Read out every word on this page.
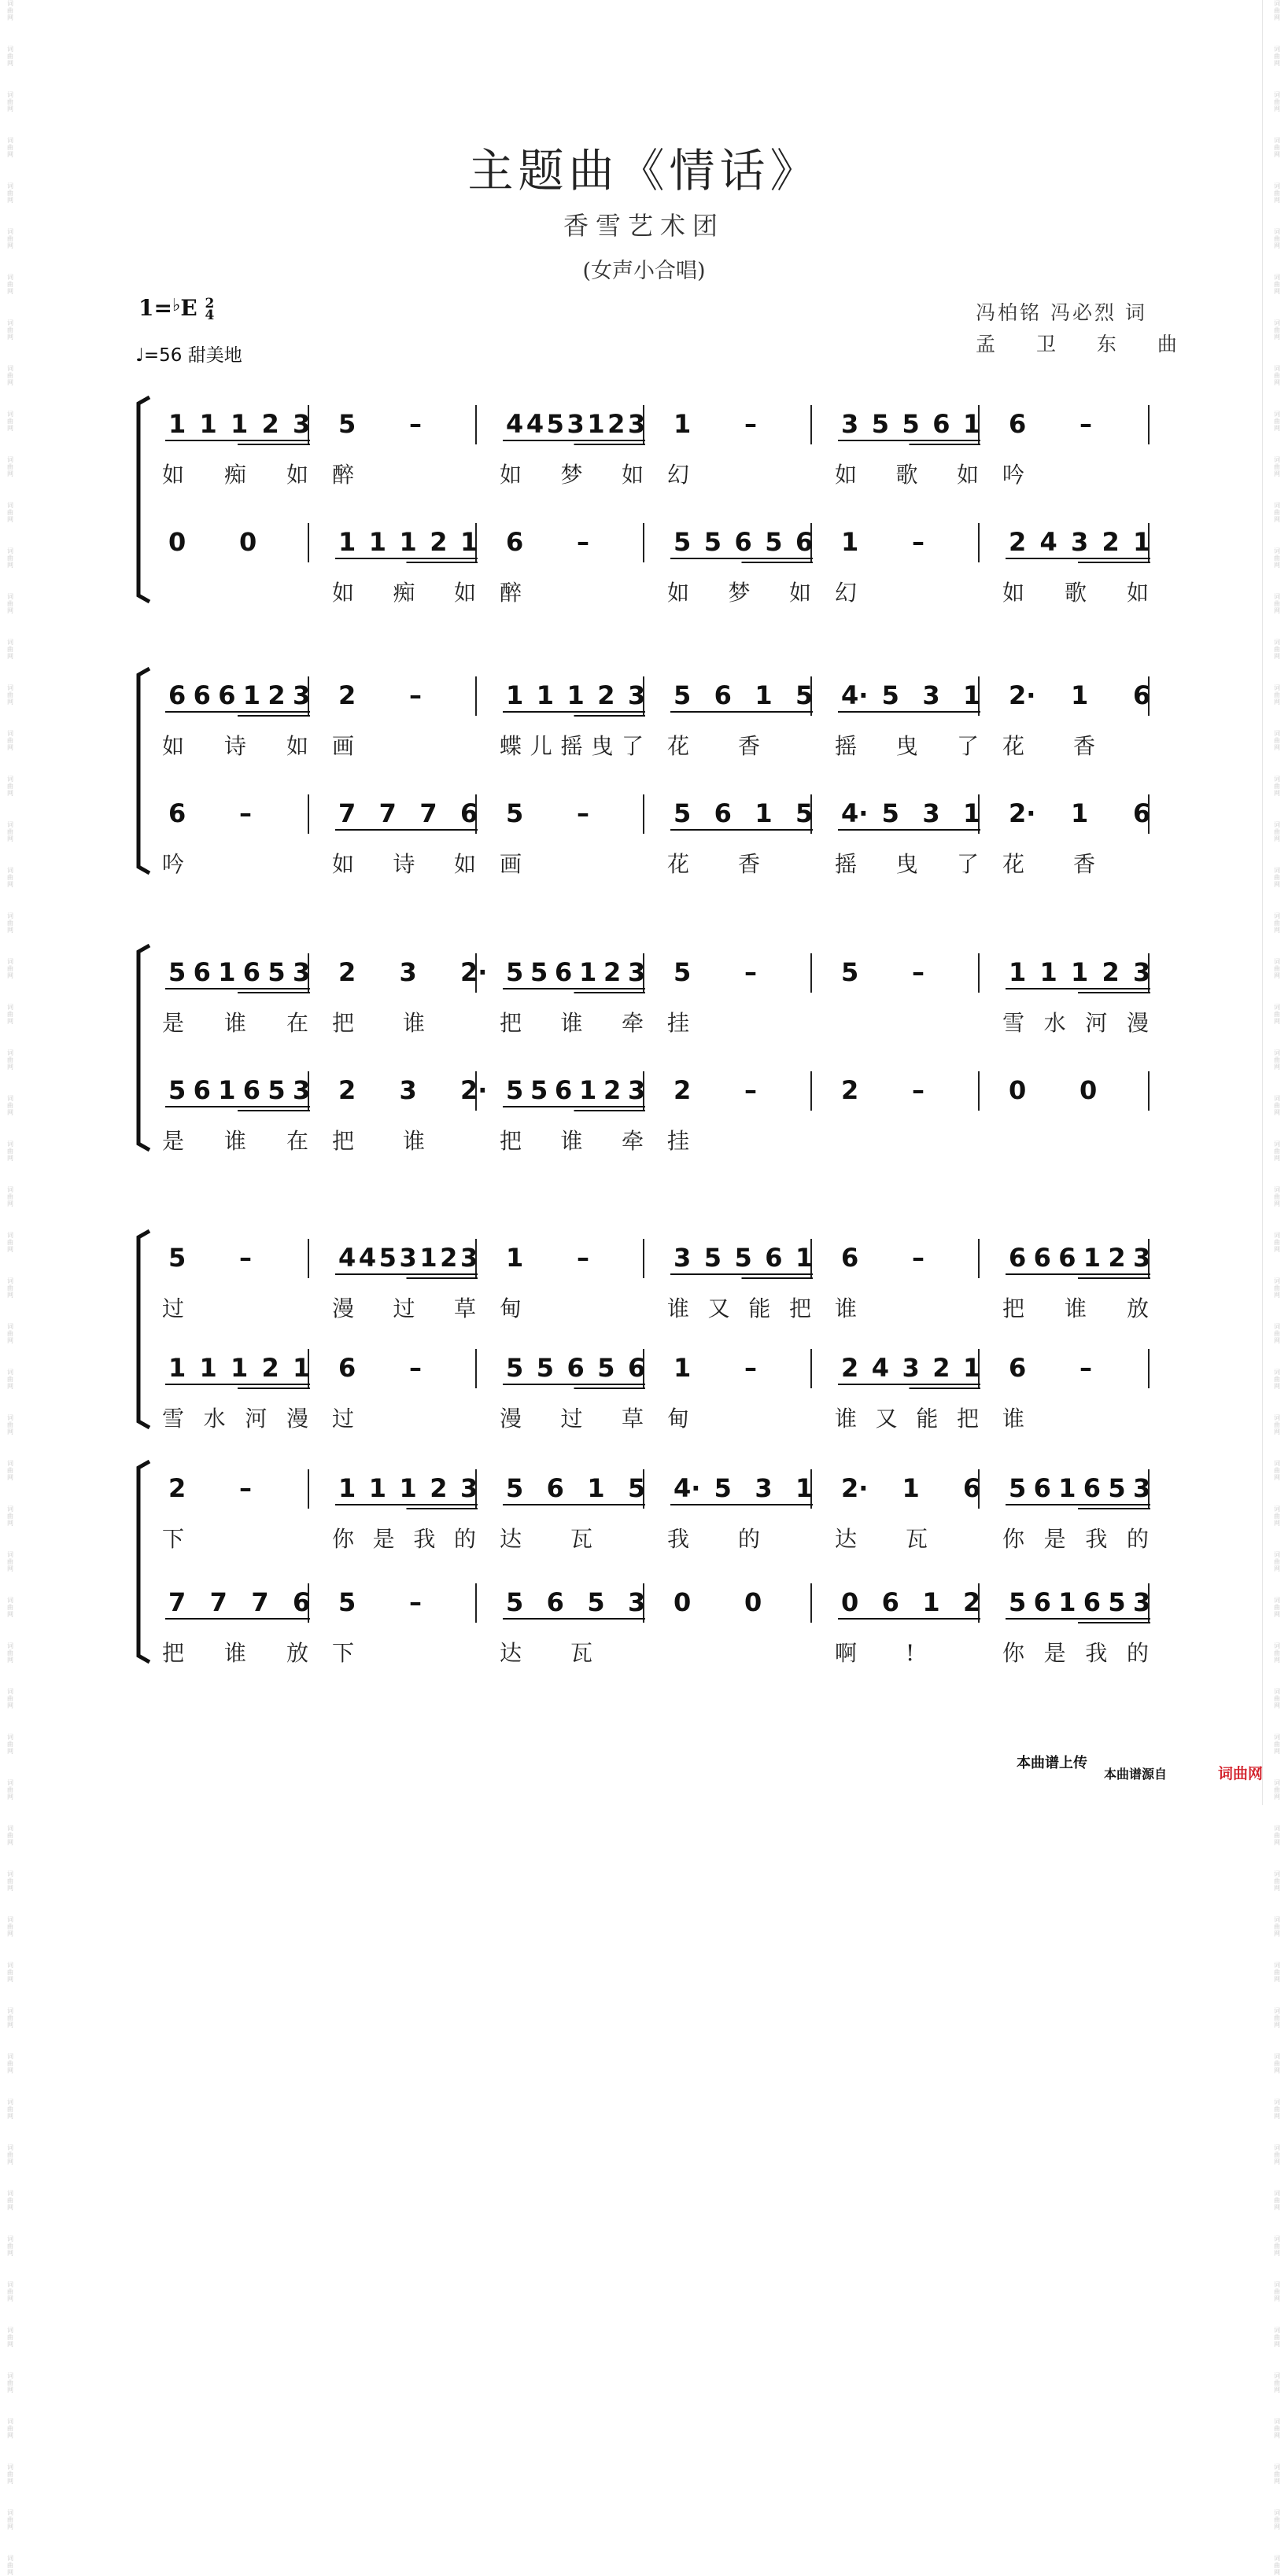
词
曲
网
词
曲
网
词
曲
网
词
曲
网
词
曲
网
词
曲
网
词
曲
网
词
曲
网
词
曲
网
词
曲
网
词
曲
网
词
曲
网
词
曲
网
词
曲
网
词
曲
网
词
曲
网
词
曲
网
词
曲
网
词
曲
网
词
曲
网
词
曲
网
词
曲
网
词
曲
网
词
曲
网
词
曲
网
词
曲
网
词
曲
网
词
曲
网
词
曲
网
词
曲
网
词
曲
网
词
曲
网
词
曲
网
词
曲
网
词
曲
网
词
曲
网
词
曲
网
词
曲
网
词
曲
网
词
曲
网
词
曲
网
词
曲
网
词
曲
网
词
曲
网
词
曲
网
词
曲
网
词
曲
网
词
曲
网
词
曲
网
词
曲
网
词
曲
网
词
曲
网
词
曲
网
词
曲
网
词
曲
网
词
曲
网
词
曲
网
词
曲
网
词
曲
网
词
曲
网
词
曲
网
词
曲
网
词
曲
网
词
曲
网
词
曲
网
词
曲
网
词
曲
网
词
曲
网
词
曲
网
词
曲
网
词
曲
网
词
曲
网
词
曲
网
词
曲
网
词
曲
网
词
曲
网
词
曲
网
词
曲
网
词
曲
网
词
曲
网
词
曲
网
词
曲
网
词
曲
网
词
曲
网
词
曲
网
词
曲
网
词
曲
网
词
曲
网
词
曲
网
词
曲
网
词
曲
网
词
曲
网
词
曲
网
词
曲
网
词
曲
网
词
曲
网
词
曲
网
词
曲
网
词
曲
网
词
曲
网
词
曲
网
词
曲
网
词
曲
网
词
曲
网
词
曲
网
词
曲
网
词
曲
网
词
曲
网
词
曲
网
词
曲
网
词
曲
网
词
曲
网
词
曲
网
词
曲
网
主题曲《情话》
香雪艺术团
(女声小合唱)
1=♭E 2
4
♩=56 甜美地
冯柏铭 冯必烈 词
孟 卫 东 曲
1 1 1 2 3
如 痴 如
5 –
醉
4 4 5 3 1 2 3
如 梦 如
1 –
幻
3 5 5 6 1
如 歌 如
6 –
吟
0 0	1 1 1 2 1
如 痴 如
6 –
醉
5 5 6 5 6
如 梦 如
1 –
幻
2 4 3 2 1
如 歌 如
6 6 6 1 2 3
如 诗 如
2 –
画
1 1 1 2 3
蝶 儿 摇 曳 了
5 6 1 5
花 香
4· 5 3 1
摇 曳 了
2· 1 6
花 香
6 –
吟
7 7 7 6
如 诗 如
5 –
画
5 6 1 5
花 香
4· 5 3 1
摇 曳 了
2· 1 6
花 香
5 6 1 6 5 3
是 谁 在
2 3 2·
把 谁
5 5 6 1 2 3
把 谁 牵
5 –
挂
5 –	1 1 1 2 3
雪 水 河 漫
5 6 1 6 5 3
是 谁 在
2 3 2·
把 谁
5 5 6 1 2 3
把 谁 牵
2 –
挂
2 –	0 0
5 –
过
4 4 5 3 1 2 3
漫 过 草
1 –
甸
3 5 5 6 1
谁 又 能 把
6 –
谁
6 6 6 1 2 3
把 谁 放
1 1 1 2 1
雪 水 河 漫
6 –
过
5 5 6 5 6
漫 过 草
1 –
甸
2 4 3 2 1
谁 又 能 把
6 –
谁
2 –
下
1 1 1 2 3
你 是 我 的
5 6 1 5
达 瓦
4· 5 3 1
我 的
2· 1 6
达 瓦
5 6 1 6 5 3
你 是 我 的
7 7 7 6
把 谁 放
5 –
下
5 6 5 3
达 瓦
0 0	0 6 1 2
啊 !
5 6 1 6 5 3
你 是 我 的
本曲谱上传
本曲谱源自	词曲网
